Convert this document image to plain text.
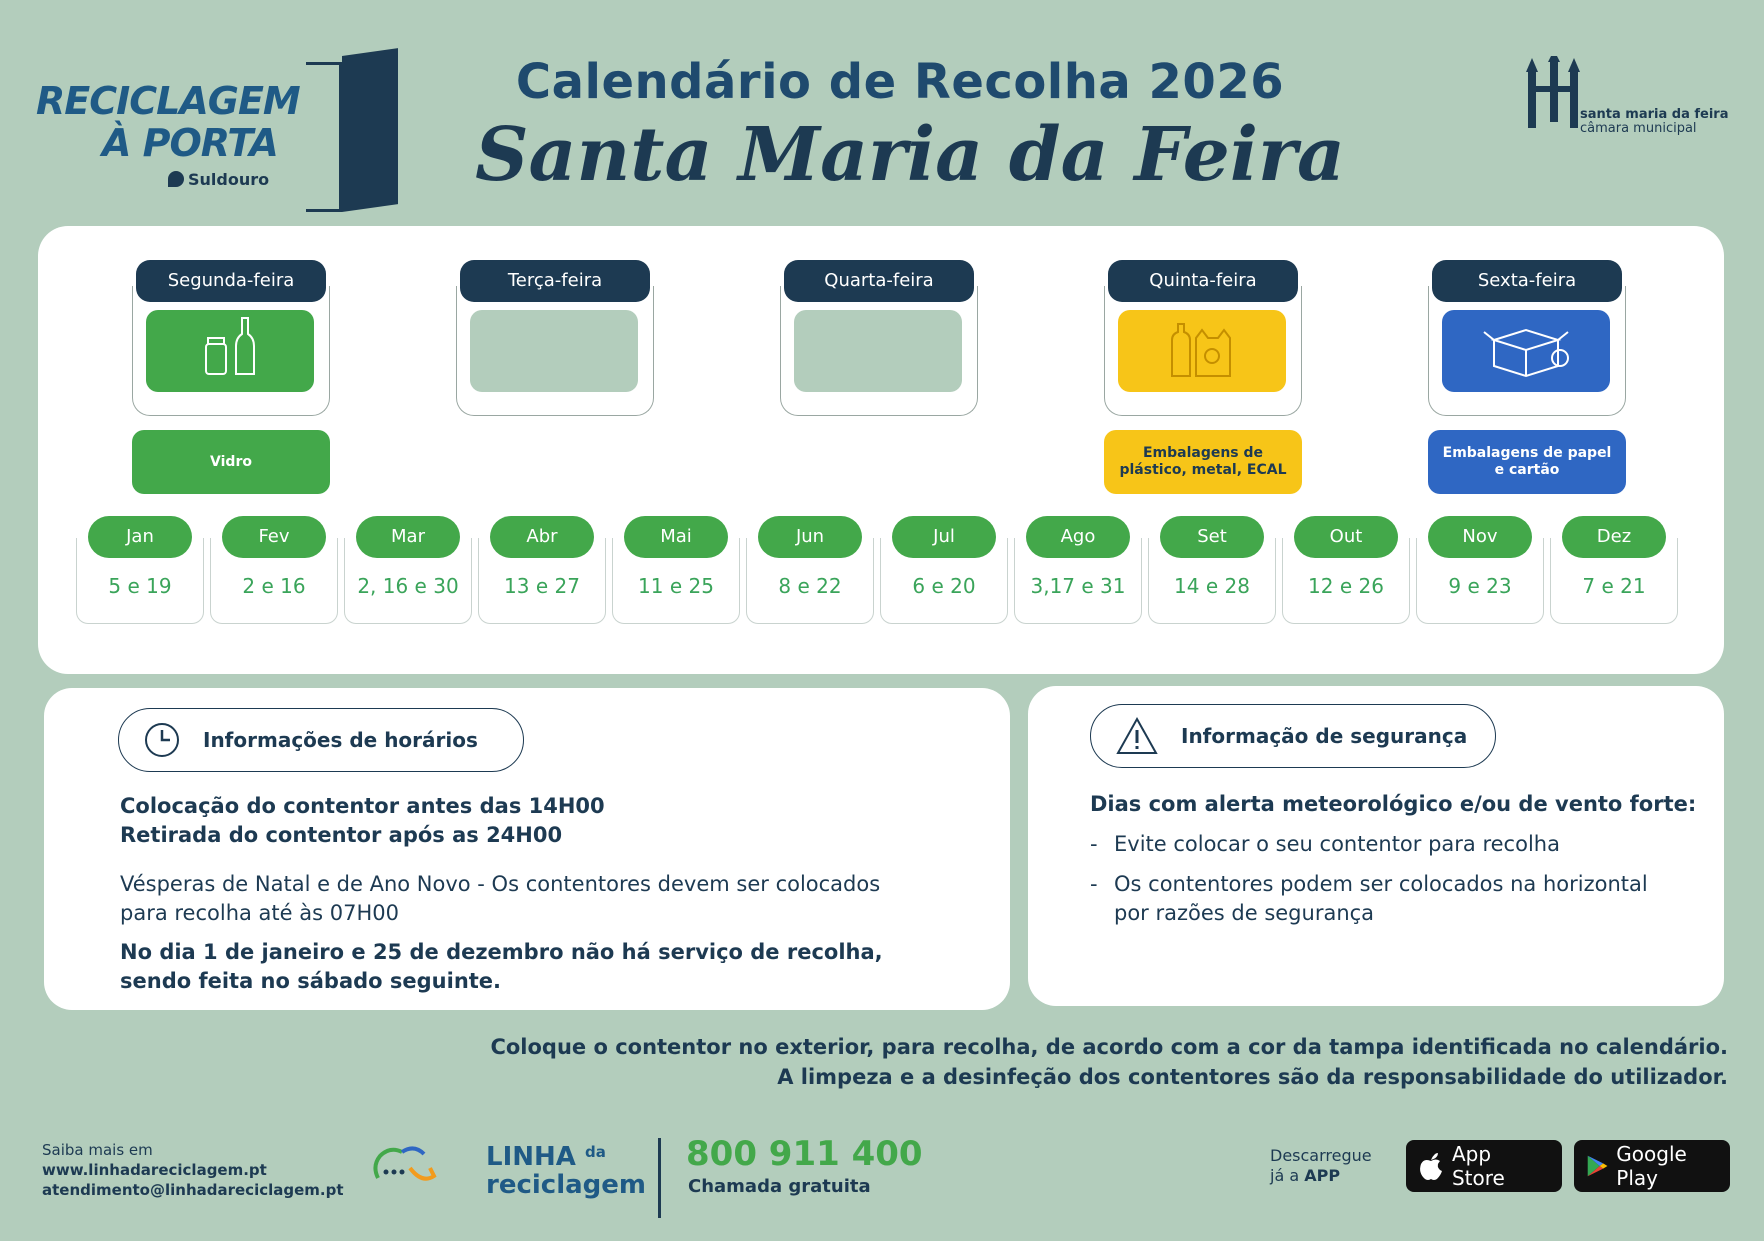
RECICLAGEM
À PORTA
Suldouro
Calendário de Recolha 2026
Santa Maria da Feira	santa maria da feira
câmara municipal
Segunda-feira
Vidro
Terça-feira	Quarta-feira	Quinta-feira
Embalagens de plástico, metal, ECAL
Sexta-feira
Embalagens de papel e cartão
Jan
5 e 19
Fev
2 e 16
Mar
2, 16 e 30
Abr
13 e 27
Mai
11 e 25
Jun
8 e 22
Jul
6 e 20
Ago
3,17 e 31
Set
14 e 28
Out
12 e 26
Nov
9 e 23
Dez
7 e 21
Informações de horários
Colocação do contentor antes das 14H00
Retirada do contentor após as 24H00
Vésperas de Natal e de Ano Novo - Os contentores devem ser colocados
para recolha até às 07H00
No dia 1 de janeiro e 25 de dezembro não há serviço de recolha,
sendo feita no sábado seguinte.
Informação de segurança
Dias com alerta meteorológico e/ou de vento forte:
- Evite colocar o seu contentor para recolha
- Os contentores podem ser colocados na horizontal
por razões de segurança
Coloque o contentor no exterior, para recolha, de acordo com a cor da tampa identificada no calendário.
A limpeza e a desinfeção dos contentores são da responsabilidade do utilizador.
Saiba mais em
www.linhadareciclagem.pt
atendimento@linhadareciclagem.pt
LINHA $^{da}$
reciclagem
800 911 400
Chamada gratuita
Descarregue
já a APP
App Store
Google Play
